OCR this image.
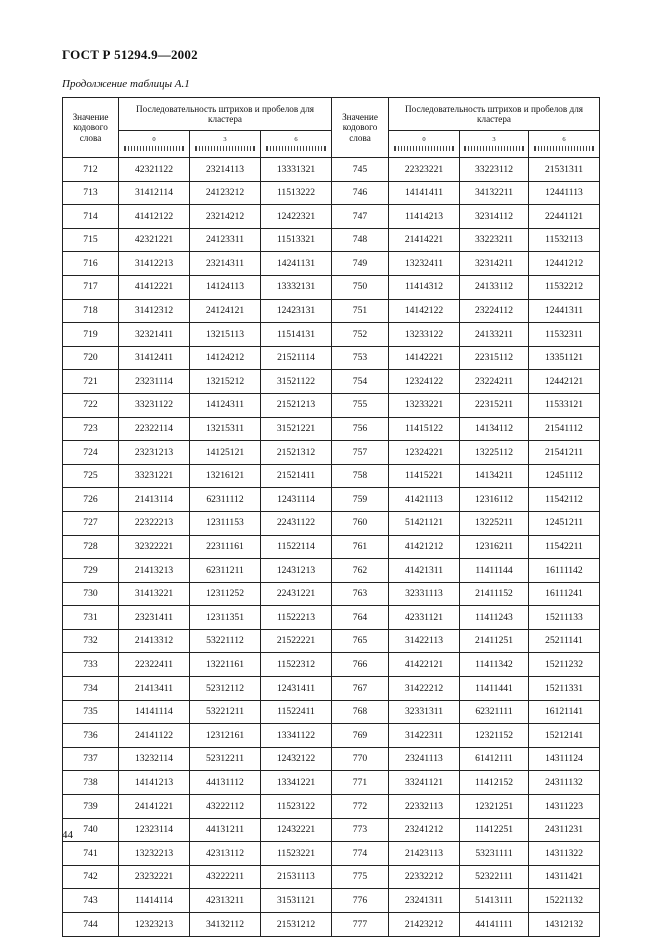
ГОСТ Р 51294.9—2002
Продолжение таблицы А.1
Значение кодового слова	Последовательность штрихов и пробелов для кластера			Значение кодового слова	Последовательность штрихов и пробелов для кластера		

	0	3	6		0	3	6

712	42321122	23214113	13331321	745	22323221	33223112	21531311
713	31412114	24123212	11513222	746	14141411	34132211	12441113
714	41412122	23214212	12422321	747	11414213	32314112	22441121
715	42321221	24123311	11513321	748	21414221	33223211	11532113
716	31412213	23214311	14241131	749	13232411	32314211	12441212
717	41412221	14124113	13332131	750	11414312	24133112	11532212
718	31412312	24124121	12423131	751	14142122	23224112	12441311
719	32321411	13215113	11514131	752	13233122	24133211	11532311
720	31412411	14124212	21521114	753	14142221	22315112	13351121
721	23231114	13215212	31521122	754	12324122	23224211	12442121
722	33231122	14124311	21521213	755	13233221	22315211	11533121
723	22322114	13215311	31521221	756	11415122	14134112	21541112
724	23231213	14125121	21521312	757	12324221	13225112	21541211
725	33231221	13216121	21521411	758	11415221	14134211	12451112
726	21413114	62311112	12431114	759	41421113	12316112	11542112
727	22322213	12311153	22431122	760	51421121	13225211	12451211
728	32322221	22311161	11522114	761	41421212	12316211	11542211
729	21413213	62311211	12431213	762	41421311	11411144	16111142
730	31413221	12311252	22431221	763	32331113	21411152	16111241
731	23231411	12311351	11522213	764	42331121	11411243	15211133
732	21413312	53221112	21522221	765	31422113	21411251	25211141
733	22322411	13221161	11522312	766	41422121	11411342	15211232
734	21413411	52312112	12431411	767	31422212	11411441	15211331
735	14141114	53221211	11522411	768	32331311	62321111	16121141
736	24141122	12312161	13341122	769	31422311	12321152	15212141
737	13232114	52312211	12432122	770	23241113	61412111	14311124
738	14141213	44131112	13341221	771	33241121	11412152	24311132
739	24141221	43222112	11523122	772	22332113	12321251	14311223
740	12323114	44131211	12432221	773	23241212	11412251	24311231
741	13232213	42313112	11523221	774	21423113	53231111	14311322
742	23232221	43222211	21531113	775	22332212	52322111	14311421
743	11414114	42313211	31531121	776	23241311	51413111	15221132
744	12323213	34132112	21531212	777	21423212	44141111	14312132
44
